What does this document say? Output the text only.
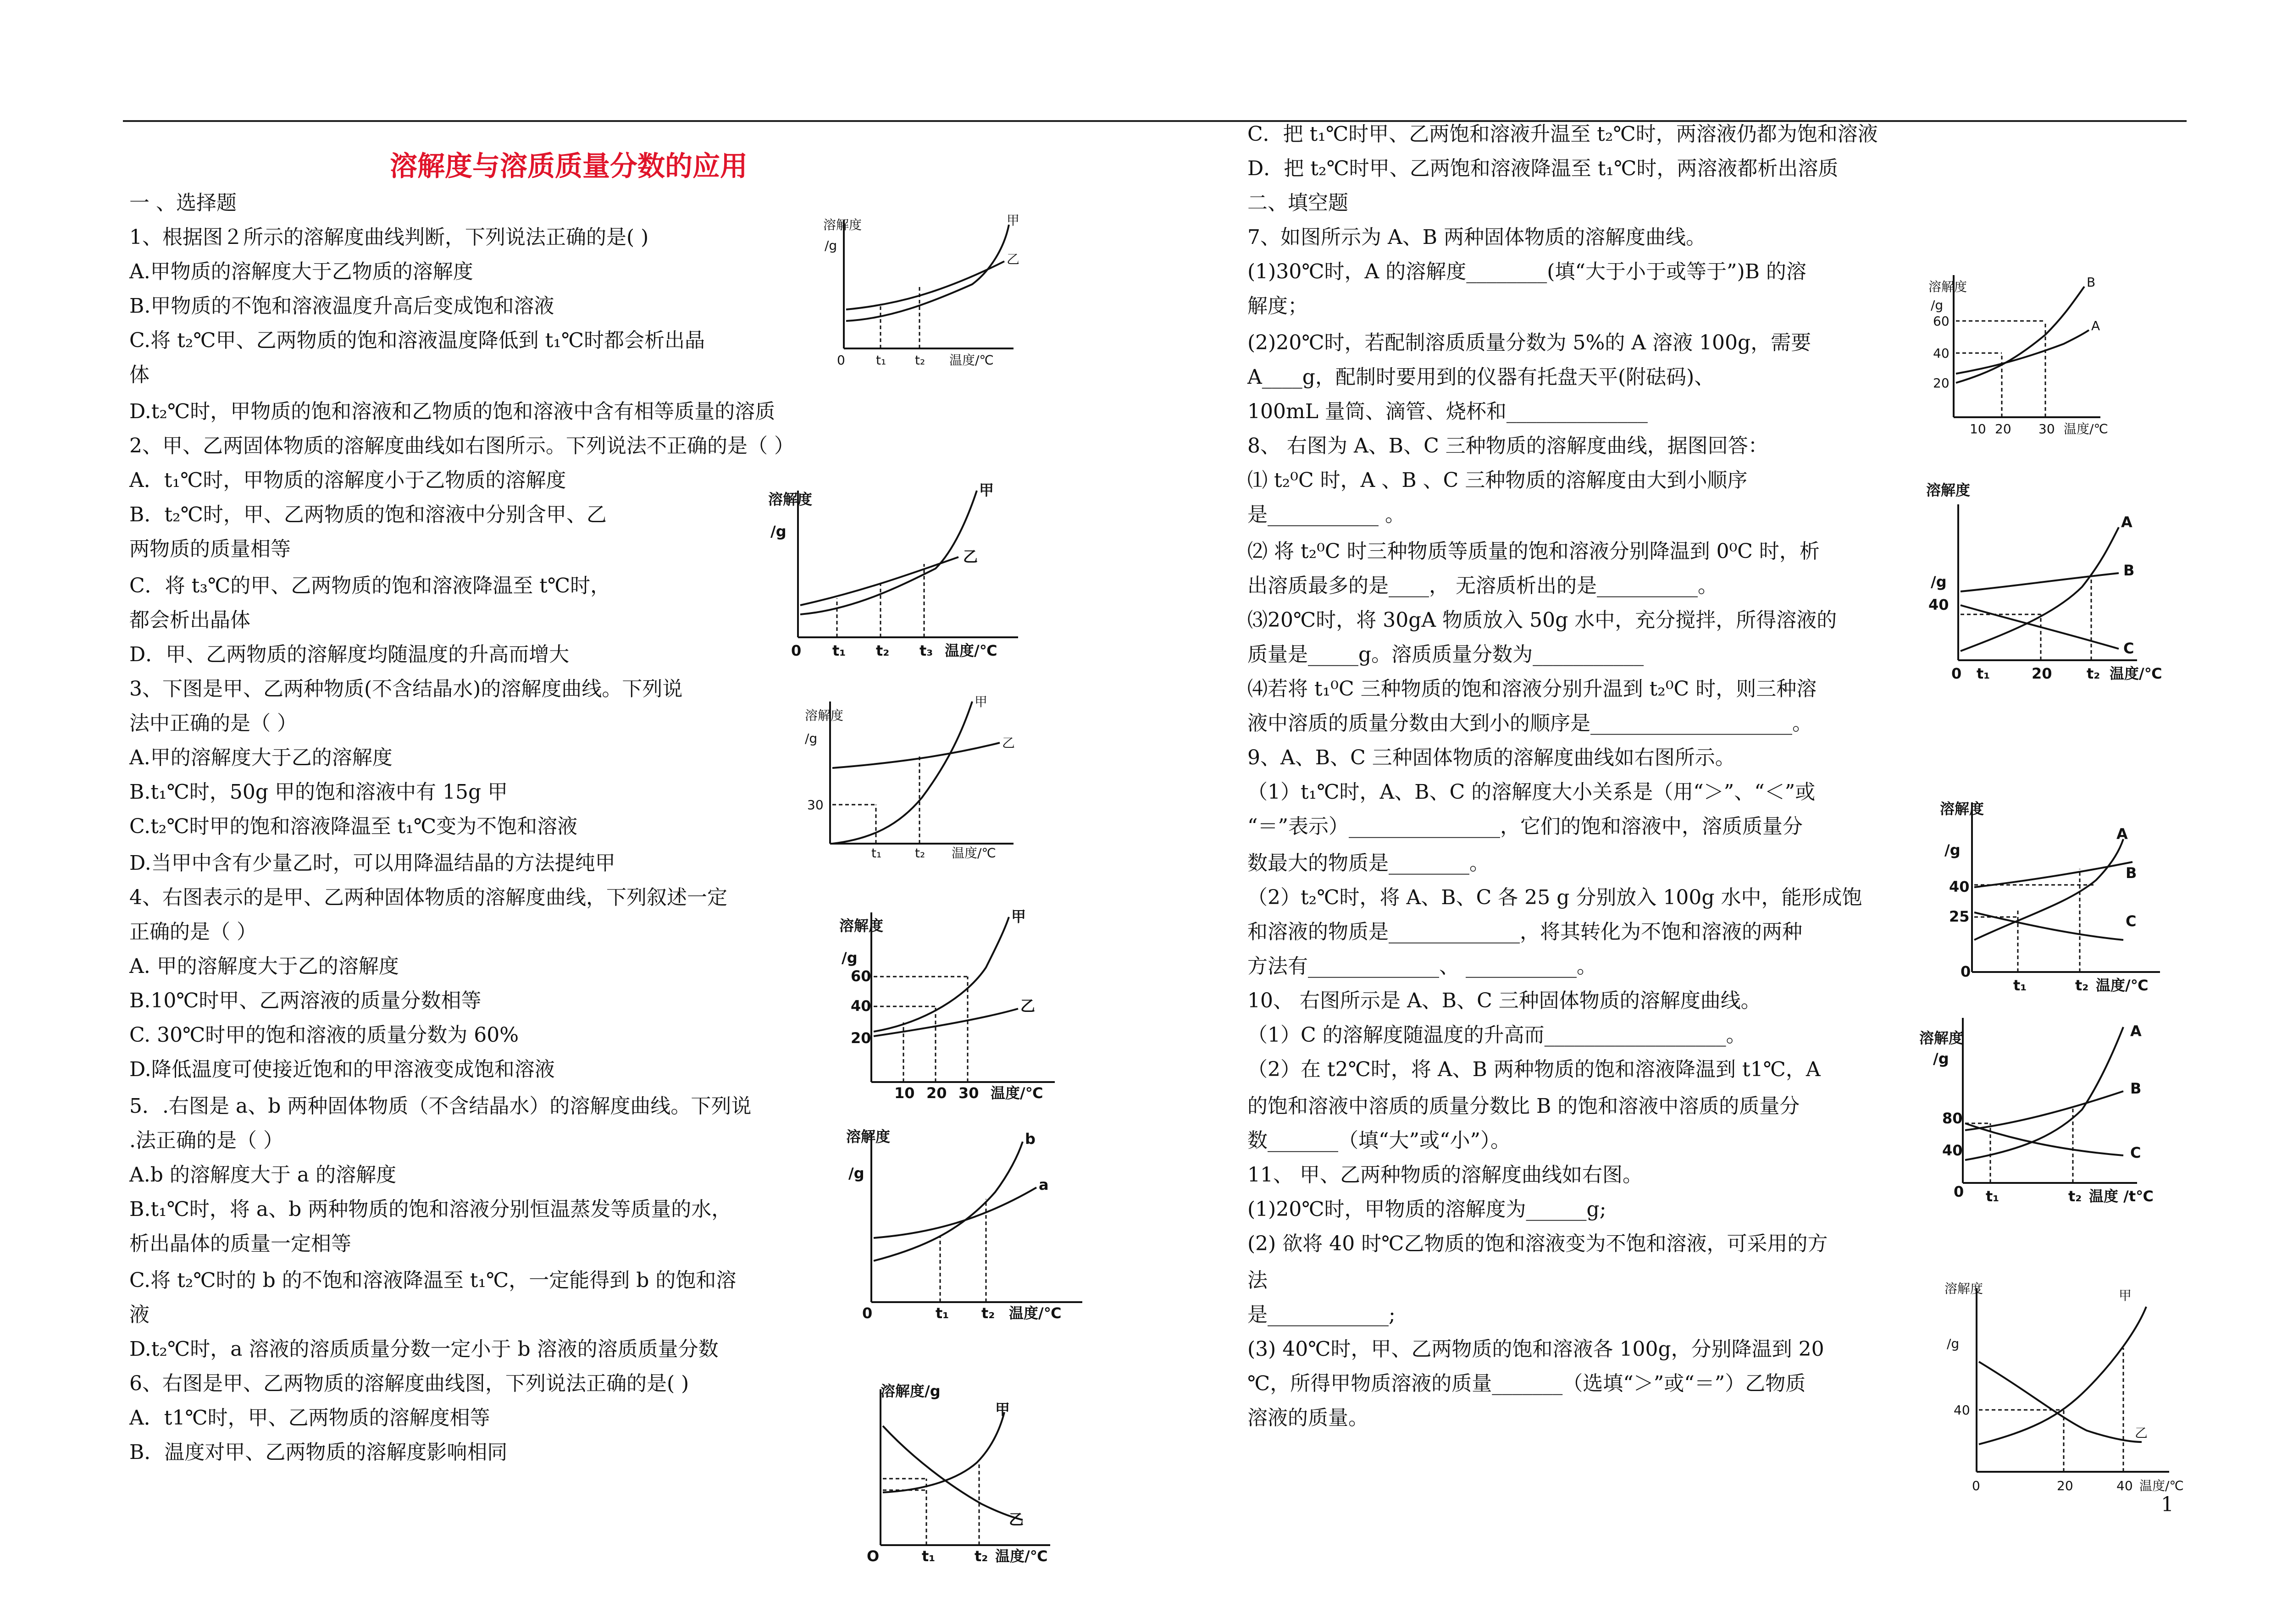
溶解度与溶质质量分数的应用
一 、选择题
1、根据图２所示的溶解度曲线判断，下列说法正确的是( )
A.甲物质的溶解度大于乙物质的溶解度
B.甲物质的不饱和溶液温度升高后变成饱和溶液
C.将 t₂℃甲、乙两物质的饱和溶液温度降低到 t₁℃时都会析出晶
体
D.t₂℃时，甲物质的饱和溶液和乙物质的饱和溶液中含有相等质量的溶质
2、甲、乙两固体物质的溶解度曲线如右图所示。下列说法不正确的是（ ）
A．t₁℃时，甲物质的溶解度小于乙物质的溶解度
B．t₂℃时，甲、乙两物质的饱和溶液中分别含甲、乙
两物质的质量相等
C．将 t₃℃的甲、乙两物质的饱和溶液降温至 t℃时，
都会析出晶体
D．甲、乙两物质的溶解度均随温度的升高而增大
3、下图是甲、乙两种物质(不含结晶水)的溶解度曲线。下列说
法中正确的是（ ）
A.甲的溶解度大于乙的溶解度
B.t₁℃时，50g 甲的饱和溶液中有 15g 甲
C.t₂℃时甲的饱和溶液降温至 t₁℃变为不饱和溶液
D.当甲中含有少量乙时，可以用降温结晶的方法提纯甲
4、右图表示的是甲、乙两种固体物质的溶解度曲线，下列叙述一定
正确的是（ ）
A. 甲的溶解度大于乙的溶解度
B.10℃时甲、乙两溶液的质量分数相等
C. 30℃时甲的饱和溶液的质量分数为 60%
D.降低温度可使接近饱和的甲溶液变成饱和溶液
5．.右图是 a、b 两种固体物质（不含结晶水）的溶解度曲线。下列说
.法正确的是（ ）
A.b 的溶解度大于 a 的溶解度
B.t₁℃时，将 a、b 两种物质的饱和溶液分别恒温蒸发等质量的水，
析出晶体的质量一定相等
C.将 t₂℃时的 b 的不饱和溶液降温至 t₁℃，一定能得到 b 的饱和溶
液
D.t₂℃时，a 溶液的溶质质量分数一定小于 b 溶液的溶质质量分数
6、右图是甲、乙两物质的溶解度曲线图，下列说法正确的是( )
A．t1℃时，甲、乙两物质的溶解度相等
B．温度对甲、乙两物质的溶解度影响相同
C．把 t₁℃时甲、乙两饱和溶液升温至 t₂℃时，两溶液仍都为饱和溶液
D．把 t₂℃时甲、乙两饱和溶液降温至 t₁℃时，两溶液都析出溶质
二、填空题
7、如图所示为 A、B 两种固体物质的溶解度曲线。
(1)30℃时，A 的溶解度________(填“大于小于或等于”)B 的溶
解度；
(2)20℃时，若配制溶质质量分数为 5%的 A 溶液 100g，需要
A____g，配制时要用到的仪器有托盘天平(附砝码)、
100mL 量筒、滴管、烧杯和______________
8、 右图为 A、B、C 三种物质的溶解度曲线，据图回答：
⑴ t₂⁰C 时，A 、B 、C 三种物质的溶解度由大到小顺序
是___________ 。
⑵ 将 t₂⁰C 时三种物质等质量的饱和溶液分别降温到 0⁰C 时，析
出溶质最多的是____， 无溶质析出的是__________。
⑶20℃时，将 30gA 物质放入 50g 水中，充分搅拌，所得溶液的
质量是_____g。溶质质量分数为___________
⑷若将 t₁⁰C 三种物质的饱和溶液分别升温到 t₂⁰C 时，则三种溶
液中溶质的质量分数由大到小的顺序是____________________。
9、A、B、C 三种固体物质的溶解度曲线如右图所示。
（1）t₁℃时，A、B、C 的溶解度大小关系是（用“＞”、“＜”或
“＝”表示）_______________，它们的饱和溶液中，溶质质量分
数最大的物质是________。
（2）t₂℃时，将 A、B、C 各 25 g 分别放入 100g 水中，能形成饱
和溶液的物质是_____________，将其转化为不饱和溶液的两种
方法有_____________、 ___________。
10、 右图所示是 A、B、C 三种固体物质的溶解度曲线。
（1）C 的溶解度随温度的升高而__________________。
（2）在 t2℃时，将 A、B 两种物质的饱和溶液降温到 t1℃，A
的饱和溶液中溶质的质量分数比 B 的饱和溶液中溶质的质量分
数_______（填“大”或“小”）。
11、 甲、乙两种物质的溶解度曲线如右图。
(1)20℃时，甲物质的溶解度为______g;
(2) 欲将 40 时℃乙物质的饱和溶液变为不饱和溶液，可采用的方
法
是____________;
(3) 40℃时，甲、乙两物质的饱和溶液各 100g，分别降温到 20
℃，所得甲物质溶液的质量_______（选填“＞”或“＝”）乙物质
溶液的质量。
溶解度
/g
甲
乙
0 t₁ t₂ 温度/℃
溶解度
/g
甲
乙
0 t₁ t₂ t₃ 温度/℃
溶解度
/g
30
甲
乙
t₁	t₂ 温度/℃
溶解度
/g
60
40
20
甲
乙
10 20 30 温度/℃
溶解度
/g
b
a
0	t₁ t₂ 温度/℃
溶解度/g
甲
乙
O	t₁	t₂ 温度/℃
溶解度
/g
60
40
20
B
A
10 20 30 温度/℃
溶解度
/g
40
A
B
C
0 t₁	20 t₂ 温度/℃
溶解度
/g
40
25
A
B
C
0
t₁	t₂ 温度/℃
溶解度
/g
80
40
A
B
C
0 t₁	t₂ 温度 /t℃
溶解度
/g
40
甲
乙
0	20	40 温度/℃
1
